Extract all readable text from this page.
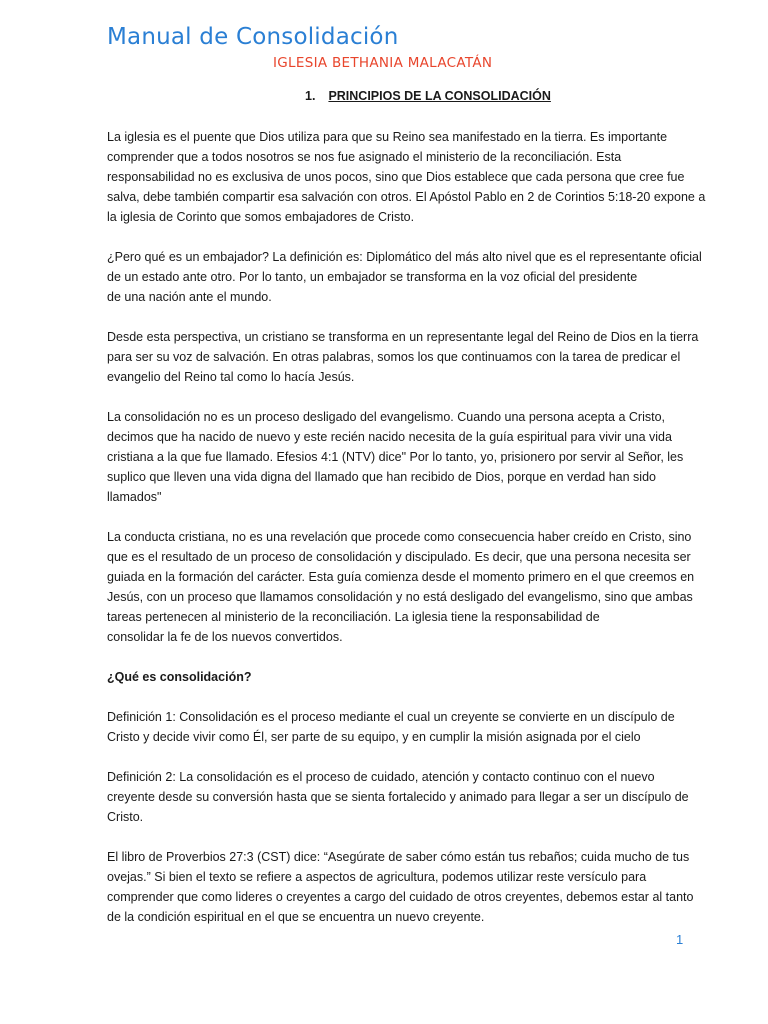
Manual de Consolidación
IGLESIA BETHANIA MALACATÁN
1. PRINCIPIOS DE LA CONSOLIDACIÓN

La iglesia es el puente que Dios utiliza para que su Reino sea manifestado en la tierra. Es importante
comprender que a todos nosotros se nos fue asignado el ministerio de la reconciliación. Esta
responsabilidad no es exclusiva de unos pocos, sino que Dios establece que cada persona que cree fue
salva, debe también compartir esa salvación con otros. El Apóstol Pablo en 2 de Corintios 5:18-20 expone a
la iglesia de Corinto que somos embajadores de Cristo.

¿Pero qué es un embajador? La definición es: Diplomático del más alto nivel que es el representante oficial
de un estado ante otro. Por lo tanto, un embajador se transforma en la voz oficial del presidente
de una nación ante el mundo.

Desde esta perspectiva, un cristiano se transforma en un representante legal del Reino de Dios en la tierra
para ser su voz de salvación. En otras palabras, somos los que continuamos con la tarea de predicar el
evangelio del Reino tal como lo hacía Jesús.

La consolidación no es un proceso desligado del evangelismo. Cuando una persona acepta a Cristo,
decimos que ha nacido de nuevo y este recién nacido necesita de la guía espiritual para vivir una vida
cristiana a la que fue llamado. Efesios 4:1 (NTV) dice" Por lo tanto, yo, prisionero por servir al Señor, les
suplico que lleven una vida digna del llamado que han recibido de Dios, porque en verdad han sido
llamados"

La conducta cristiana, no es una revelación que procede como consecuencia haber creído en Cristo, sino
que es el resultado de un proceso de consolidación y discipulado. Es decir, que una persona necesita ser
guiada en la formación del carácter. Esta guía comienza desde el momento primero en el que creemos en
Jesús, con un proceso que llamamos consolidación y no está desligado del evangelismo, sino que ambas
tareas pertenecen al ministerio de la reconciliación. La iglesia tiene la responsabilidad de
consolidar la fe de los nuevos convertidos.

¿Qué es consolidación?

Definición 1: Consolidación es el proceso mediante el cual un creyente se convierte en un discípulo de
Cristo y decide vivir como Él, ser parte de su equipo, y en cumplir la misión asignada por el cielo

Definición 2: La consolidación es el proceso de cuidado, atención y contacto continuo con el nuevo
creyente desde su conversión hasta que se sienta fortalecido y animado para llegar a ser un discípulo de
Cristo.

El libro de Proverbios 27:3 (CST) dice: “Asegúrate de saber cómo están tus rebaños; cuida mucho de tus
ovejas.” Si bien el texto se refiere a aspectos de agricultura, podemos utilizar reste versículo para
comprender que como lideres o creyentes a cargo del cuidado de otros creyentes, debemos estar al tanto
de la condición espiritual en el que se encuentra un nuevo creyente.

1
